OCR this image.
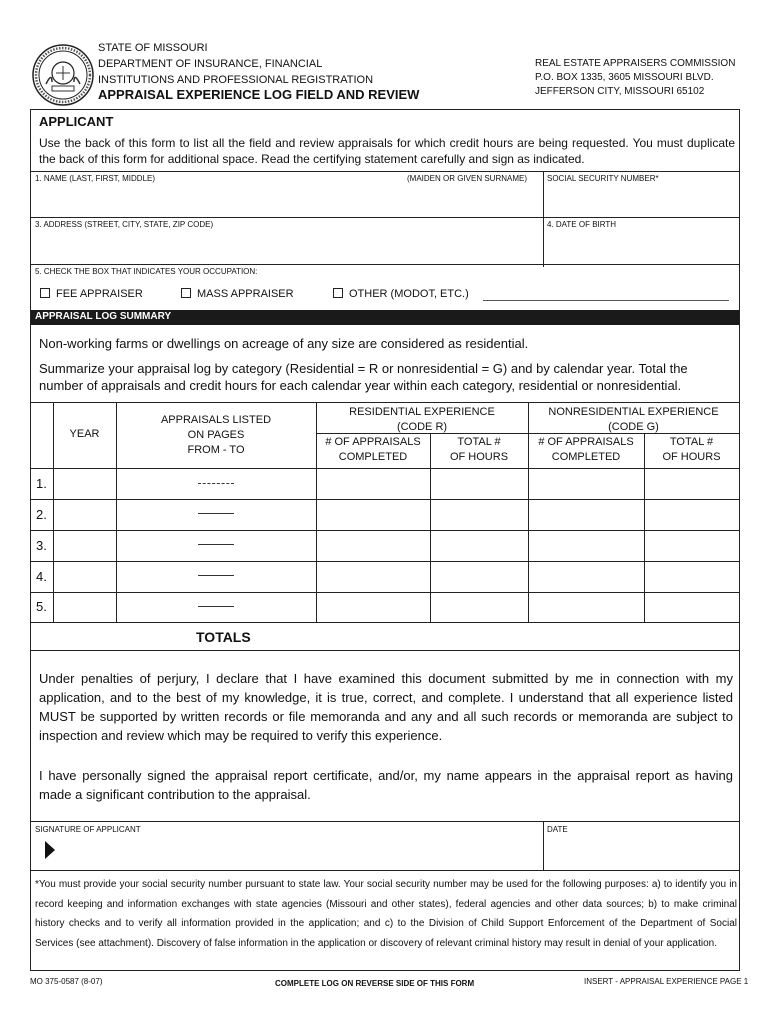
STATE OF MISSOURI
DEPARTMENT OF INSURANCE, FINANCIAL
INSTITUTIONS AND PROFESSIONAL REGISTRATION
APPRAISAL EXPERIENCE LOG FIELD AND REVIEW
REAL ESTATE APPRAISERS COMMISSION
P.O. BOX 1335, 3605 MISSOURI BLVD.
JEFFERSON CITY, MISSOURI 65102
APPLICANT
Use the back of this form to list all the field and review appraisals for which credit hours are being requested. You must duplicate the back of this form for additional space. Read the certifying statement carefully and sign as indicated.
1. NAME (LAST, FIRST, MIDDLE)	(MAIDEN OR GIVEN SURNAME) SOCIAL SECURITY NUMBER*
3. ADDRESS (STREET, CITY, STATE, ZIP CODE)	4. DATE OF BIRTH
5. CHECK THE BOX THAT INDICATES YOUR OCCUPATION:
FEE APPRAISER	MASS APPRAISER	OTHER (MODOT, ETC.)
APPRAISAL LOG SUMMARY
Non-working farms or dwellings on acreage of any size are considered as residential.
Summarize your appraisal log by category (Residential = R or nonresidential = G) and by calendar year. Total the number of appraisals and credit hours for each calendar year within each category, residential or nonresidential.
YEAR
APPRAISALS LISTED
ON PAGES
FROM - TO
RESIDENTIAL EXPERIENCE
(CODE R)
NONRESIDENTIAL EXPERIENCE
(CODE G)
# OF APPRAISALS
COMPLETED
TOTAL #
OF HOURS
# OF APPRAISALS
COMPLETED
TOTAL #
OF HOURS
1.
2.
3.
4.
5.
TOTALS
Under penalties of perjury, I declare that I have examined this document submitted by me in connection with my application, and to the best of my knowledge, it is true, correct, and complete. I understand that all experience listed MUST be supported by written records or file memoranda and any and all such records or memoranda are subject to inspection and review which may be required to verify this experience.
I have personally signed the appraisal report certificate, and/or, my name appears in the appraisal report as having made a significant contribution to the appraisal.
SIGNATURE OF APPLICANT	DATE
*You must provide your social security number pursuant to state law. Your social security number may be used for the following purposes: a) to identify you in record keeping and information exchanges with state agencies (Missouri and other states), federal agencies and other data sources; b) to make criminal history checks and to verify all information provided in the application; and c) to the Division of Child Support Enforcement of the Department of Social Services (see attachment). Discovery of false information in the application or discovery of relevant criminal history may result in denial of your application.
MO 375-0587 (8-07)	COMPLETE LOG ON REVERSE SIDE OF THIS FORM	INSERT - APPRAISAL EXPERIENCE PAGE 1
